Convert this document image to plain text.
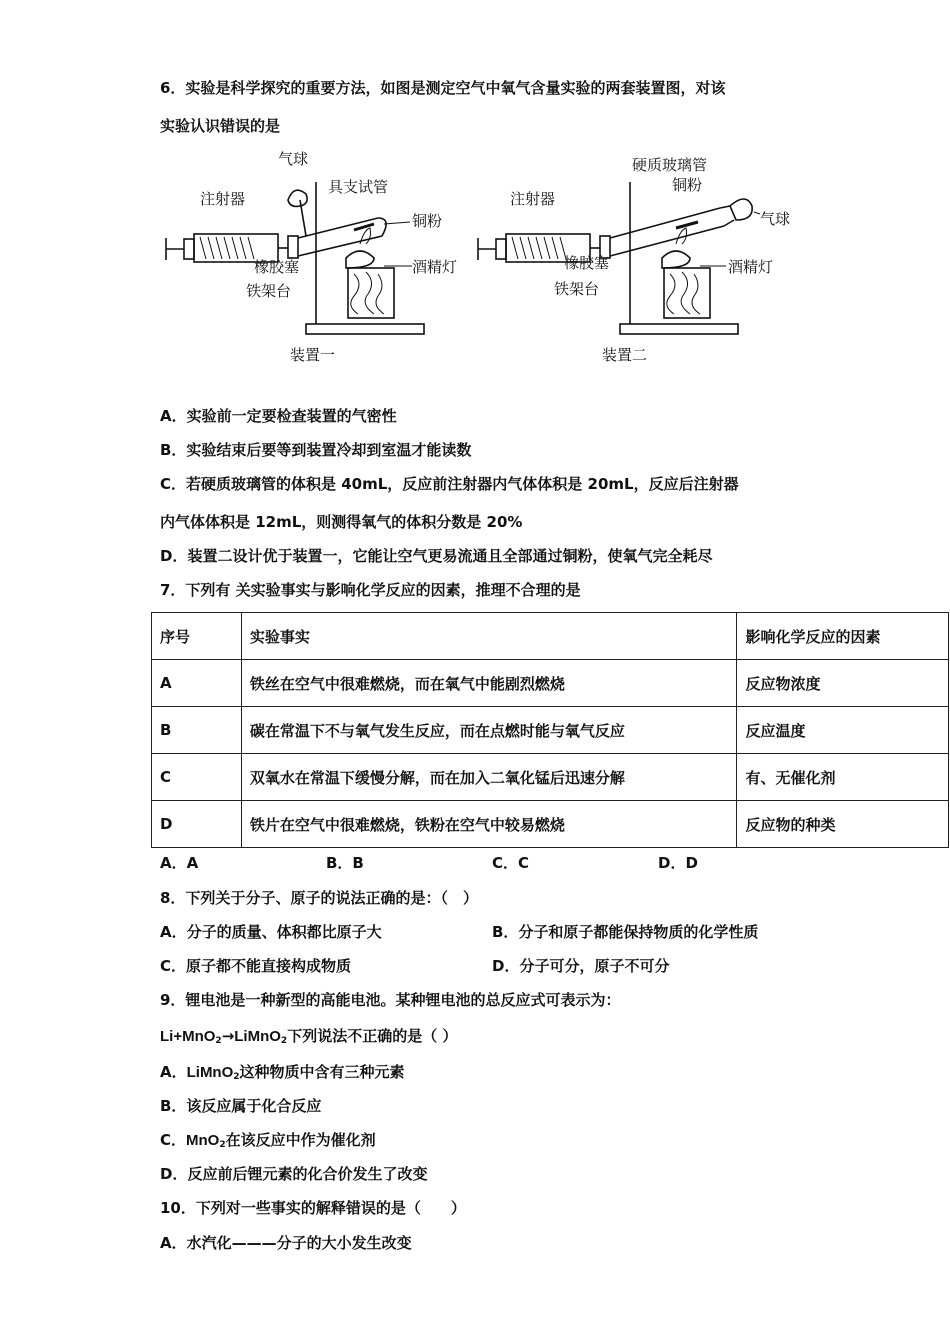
6．实验是科学探究的重要方法，如图是测定空气中氧气含量实验的两套装置图，对该
实验认识错误的是
气球
具支试管
注射器
铜粉
橡胶塞	酒精灯
铁架台
装置一
硬质玻璃管
铜粉
注射器
气球
橡胶塞	酒精灯
铁架台
装置二
A．实验前一定要检查装置的气密性
B．实验结束后要等到装置冷却到室温才能读数
C．若硬质玻璃管的体积是 40mL，反应前注射器内气体体积是 20mL，反应后注射器
内气体体积是 12mL，则测得氧气的体积分数是 20%
D．装置二设计优于装置一，它能让空气更易流通且全部通过铜粉，使氧气完全耗尽
7．下列有 关实验事实与影响化学反应的因素，推理不合理的是
序号	实验事实	影响化学反应的因素
A	铁丝在空气中很难燃烧，而在氧气中能剧烈燃烧	反应物浓度
B	碳在常温下不与氧气发生反应，而在点燃时能与氧气反应	反应温度
C	双氧水在常温下缓慢分解，而在加入二氧化锰后迅速分解	有、无催化剂
D	铁片在空气中很难燃烧，铁粉在空气中较易燃烧	反应物的种类
A．A	B．B	C．C	D．D
8．下列关于分子、原子的说法正确的是：（　）
A．分子的质量、体积都比原子大	B．分子和原子都能保持物质的化学性质
C．原子都不能直接构成物质	D．分子可分，原子不可分
9．锂电池是一种新型的高能电池。某种锂电池的总反应式可表示为：
Li+MnO$_2$→LiMnO$_2$下列说法不正确的是（ ）
A．LiMnO$_2$这种物质中含有三种元素
B．该反应属于化合反应
C．MnO$_2$在该反应中作为催化剂
D．反应前后锂元素的化合价发生了改变
10．下列对一些事实的解释错误的是（　　）
A．水汽化———分子的大小发生改变
